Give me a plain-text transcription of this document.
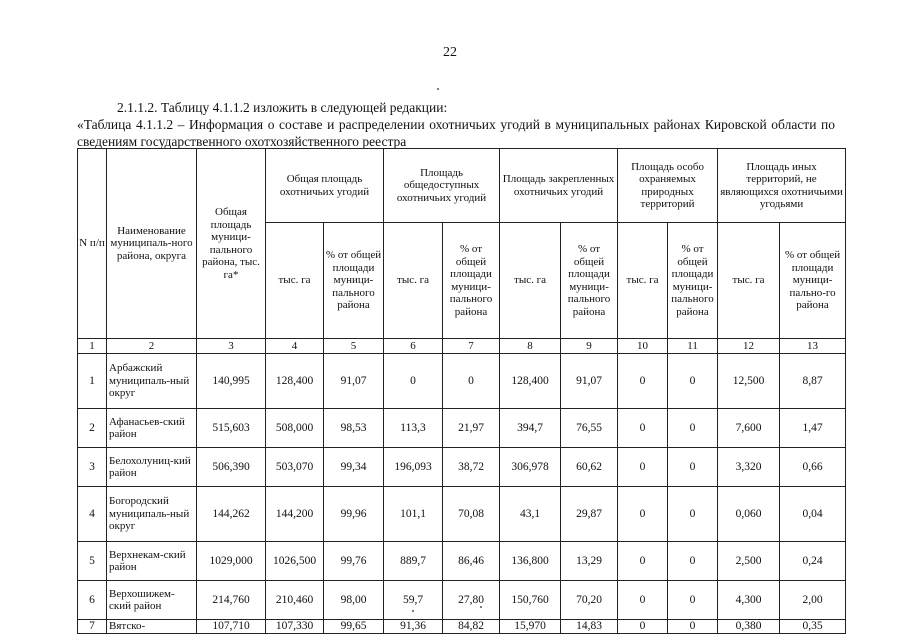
22
2.1.1.2. Таблицу 4.1.1.2 изложить в следующей редакции:
«Таблица 4.1.1.2 – Информация о составе и распределении охотничьих угодий в муниципальных районах Кировской области по сведениям государственного охотхозяйственного реестра
N п/п	Наименование муниципаль-ного района, округа	Общая площадь муници-пального района, тыс. га*	Общая площадь охотничьих угодий		Площадь общедоступных охотничьих угодий		Площадь закрепленных охотничьих угодий		Площадь особо охраняемых природных территорий		Площадь иных территорий, не являющихся охотничьими угодьями	
			тыс. га	% от общей площади муници-пального района	тыс. га	% от общей площади муници-пального района	тыс. га	% от общей площади муници-пального района	тыс. га	% от общей площади муници-пального района	тыс. га	% от общей площади муници-пально-го района
1	2	3	4	5	6	7	8	9	10	11	12	13
1	Арбажский муниципаль-ный округ	140,995	128,400	91,07	0	0	128,400	91,07	0	0	12,500	8,87
2	Афанасьев-ский район	515,603	508,000	98,53	113,3	21,97	394,7	76,55	0	0	7,600	1,47
3	Белохолуниц-кий район	506,390	503,070	99,34	196,093	38,72	306,978	60,62	0	0	3,320	0,66
4	Богородский муниципаль-ный округ	144,262	144,200	99,96	101,1	70,08	43,1	29,87	0	0	0,060	0,04
5	Верхнекам-ский район	1029,000	1026,500	99,76	889,7	86,46	136,800	13,29	0	0	2,500	0,24
6	Верхошижем-ский район	214,760	210,460	98,00	59,7	27,80	150,760	70,20	0	0	4,300	2,00
7	Вятско-	107,710	107,330	99,65	91,36	84,82	15,970	14,83	0	0	0,380	0,35
